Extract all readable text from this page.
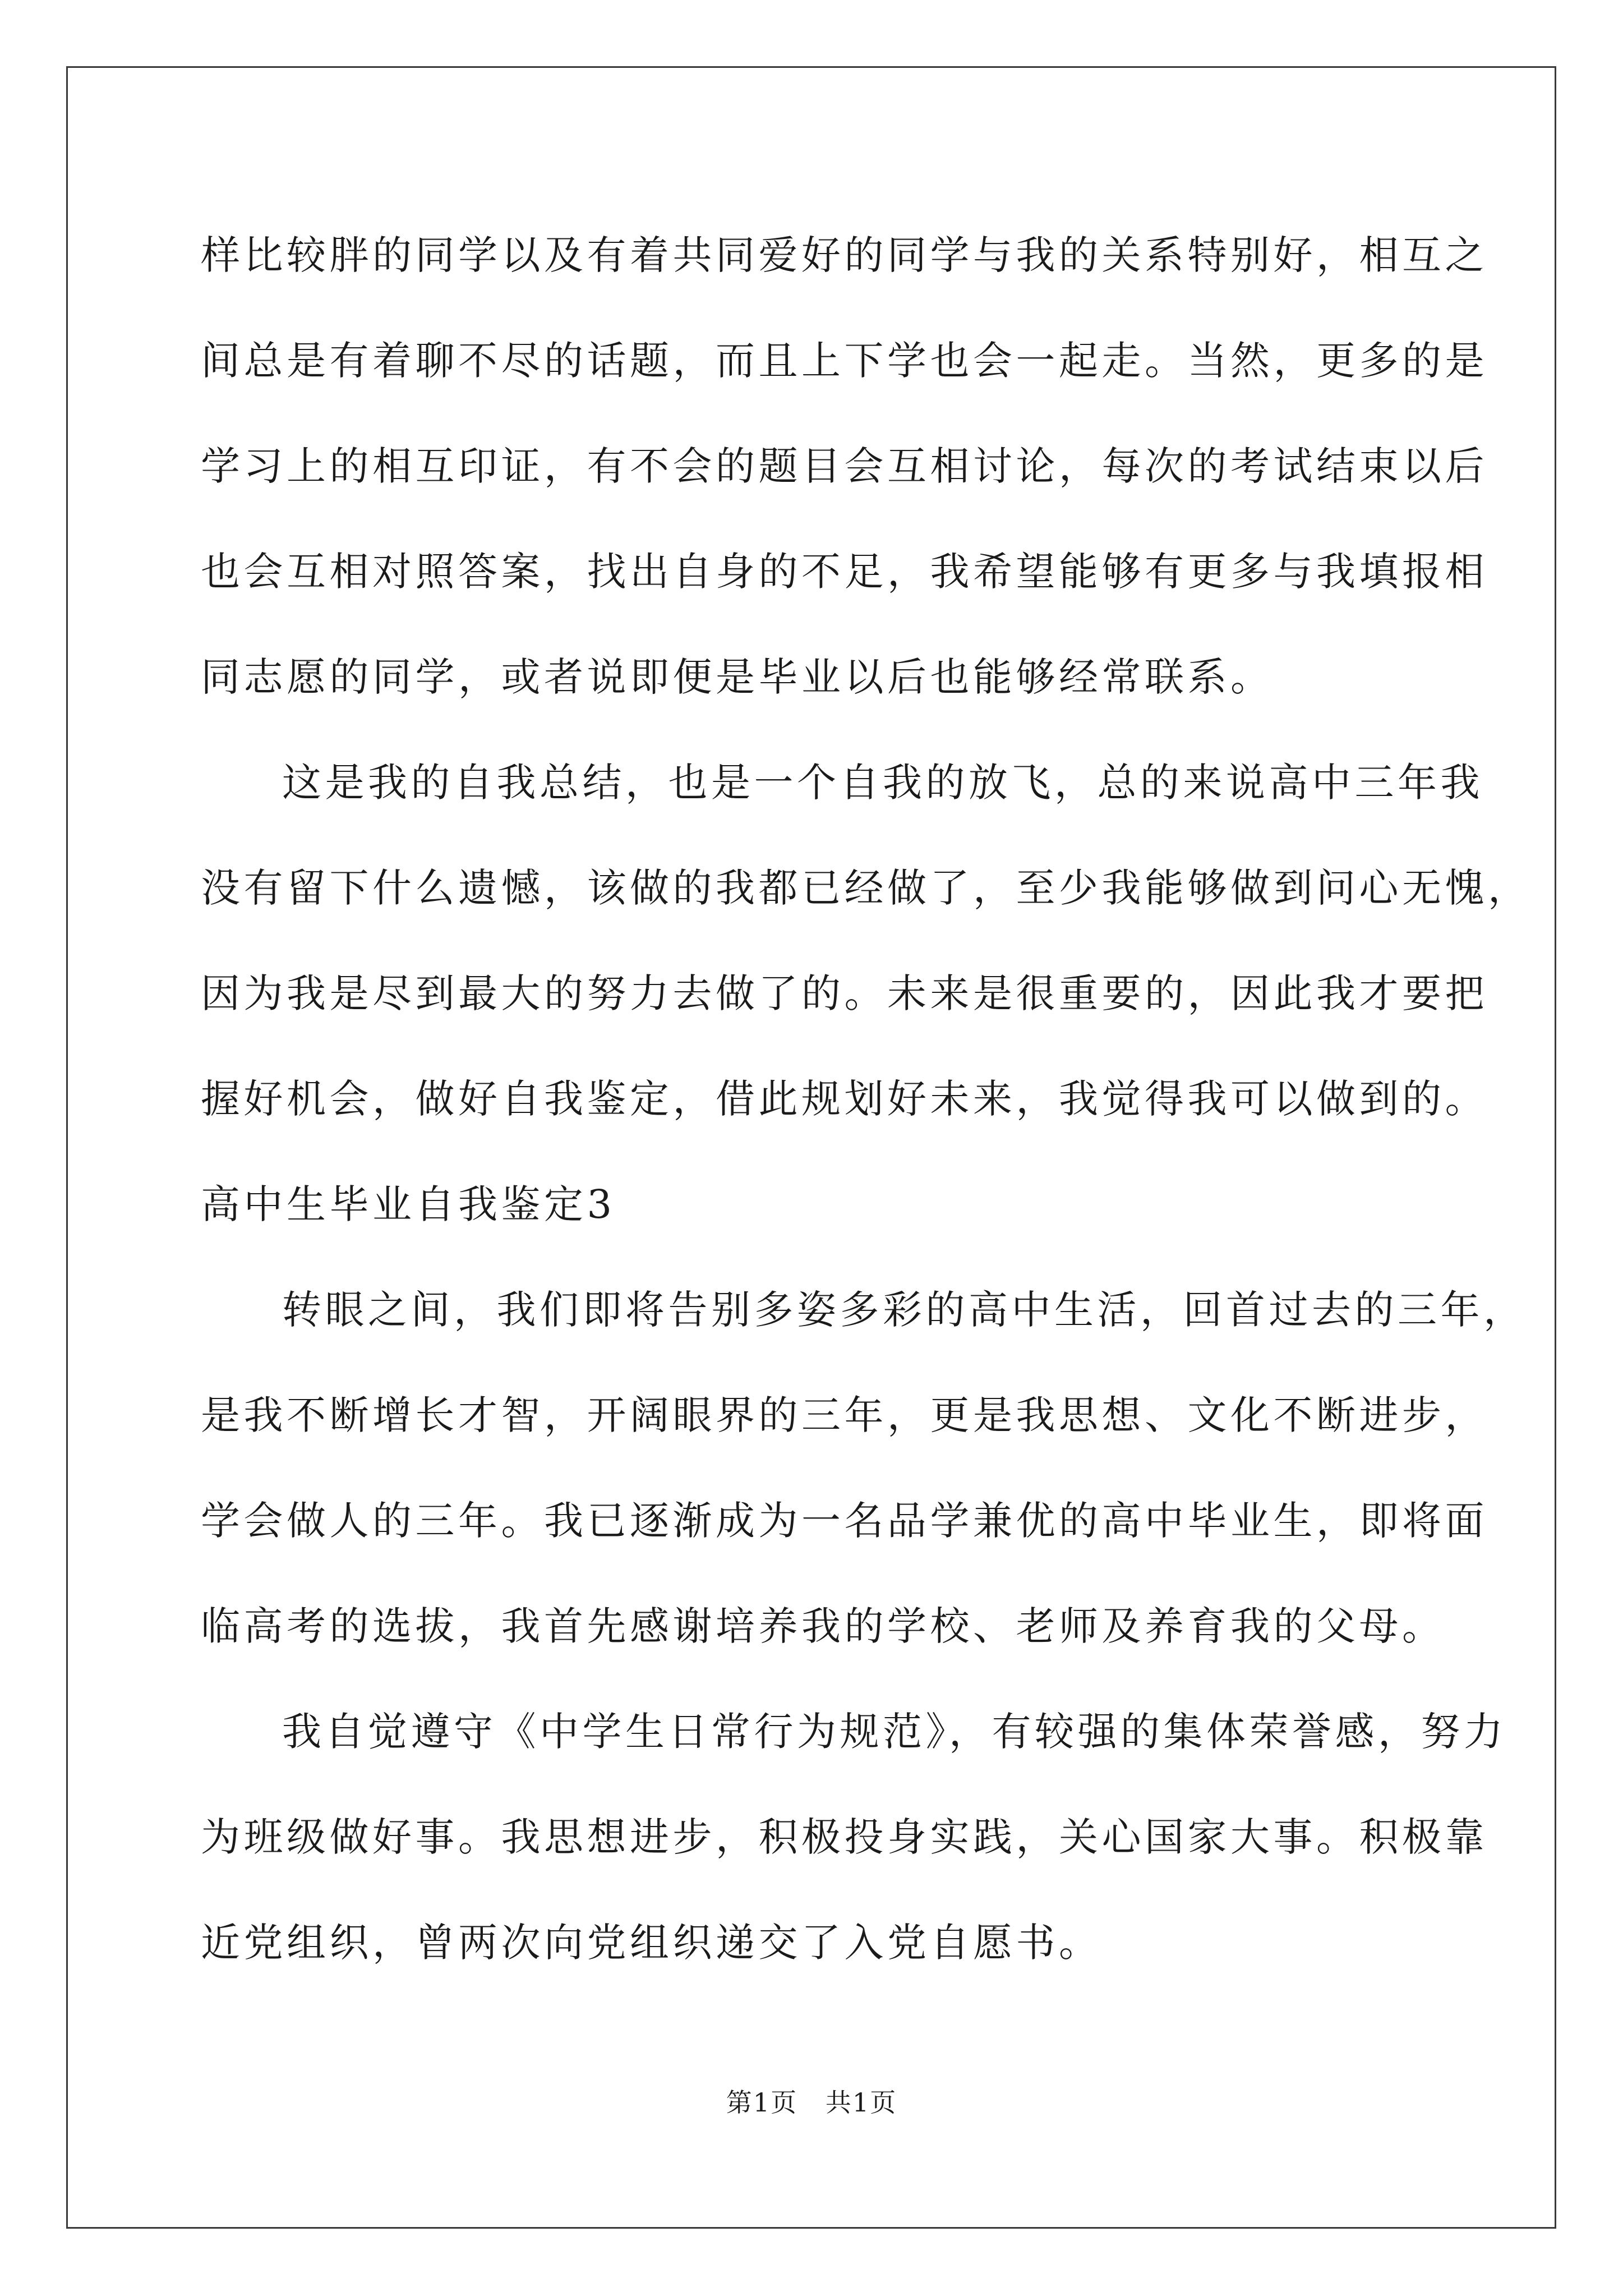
样比较胖的同学以及有着共同爱好的同学与我的关系特别好，相互之
间总是有着聊不尽的话题，而且上下学也会一起走。当然，更多的是
学习上的相互印证，有不会的题目会互相讨论，每次的考试结束以后
也会互相对照答案，找出自身的不足，我希望能够有更多与我填报相
同志愿的同学，或者说即便是毕业以后也能够经常联系。
这是我的自我总结，也是一个自我的放飞，总的来说高中三年我
没有留下什么遗憾，该做的我都已经做了，至少我能够做到问心无愧，
因为我是尽到最大的努力去做了的。未来是很重要的，因此我才要把
握好机会，做好自我鉴定，借此规划好未来，我觉得我可以做到的。
高中生毕业自我鉴定3
转眼之间，我们即将告别多姿多彩的高中生活，回首过去的三年，
是我不断增长才智，开阔眼界的三年，更是我思想、文化不断进步，
学会做人的三年。我已逐渐成为一名品学兼优的高中毕业生，即将面
临高考的选拔，我首先感谢培养我的学校、老师及养育我的父母。
我自觉遵守《中学生日常行为规范》，有较强的集体荣誉感，努力
为班级做好事。我思想进步，积极投身实践，关心国家大事。积极靠
近党组织，曾两次向党组织递交了入党自愿书。
第1页   共1页
